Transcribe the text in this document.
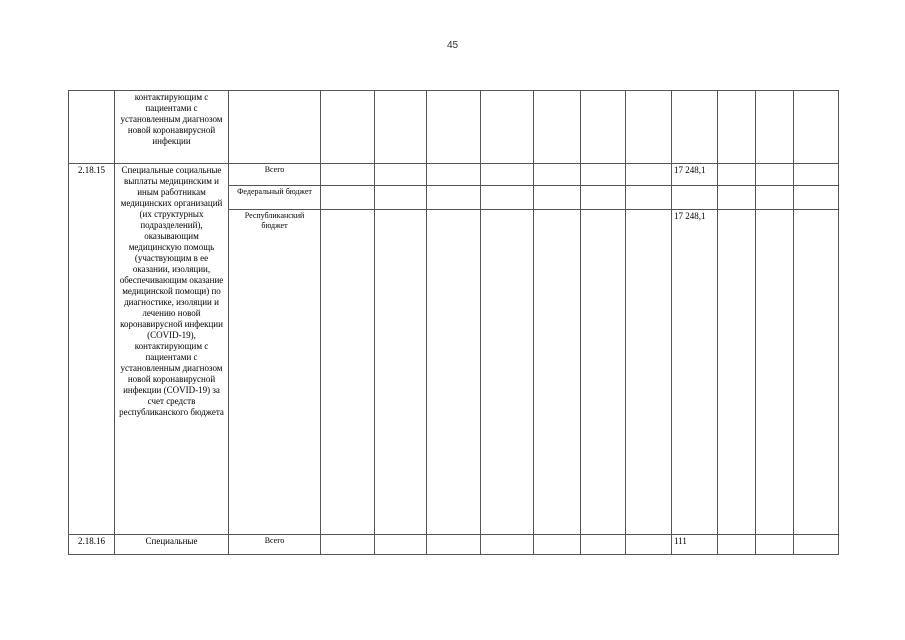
45
	контактирующим с пациентами с установленным диагнозом новой коронавирусной инфекции												
2.18.15	Специальные социальные выплаты медицинским и иным работникам медицинских организаций (их структурных подразделений), оказывающим медицинскую помощь (участвующим в ее оказании, изоляции, обеспечивающим оказание медицинской помощи) по диагностике, изоляции и лечению новой коронавирусной инфекции (COVID-19), контактирующим с пациентами с установленным диагнозом новой коронавирусной инфекции (COVID-19) за счет средств республиканского бюджета	Всего								17 248,1			
		Федеральный бюджет											
		Республиканский бюджет								17 248,1			
2.18.16	Специальные	Всего								111			
